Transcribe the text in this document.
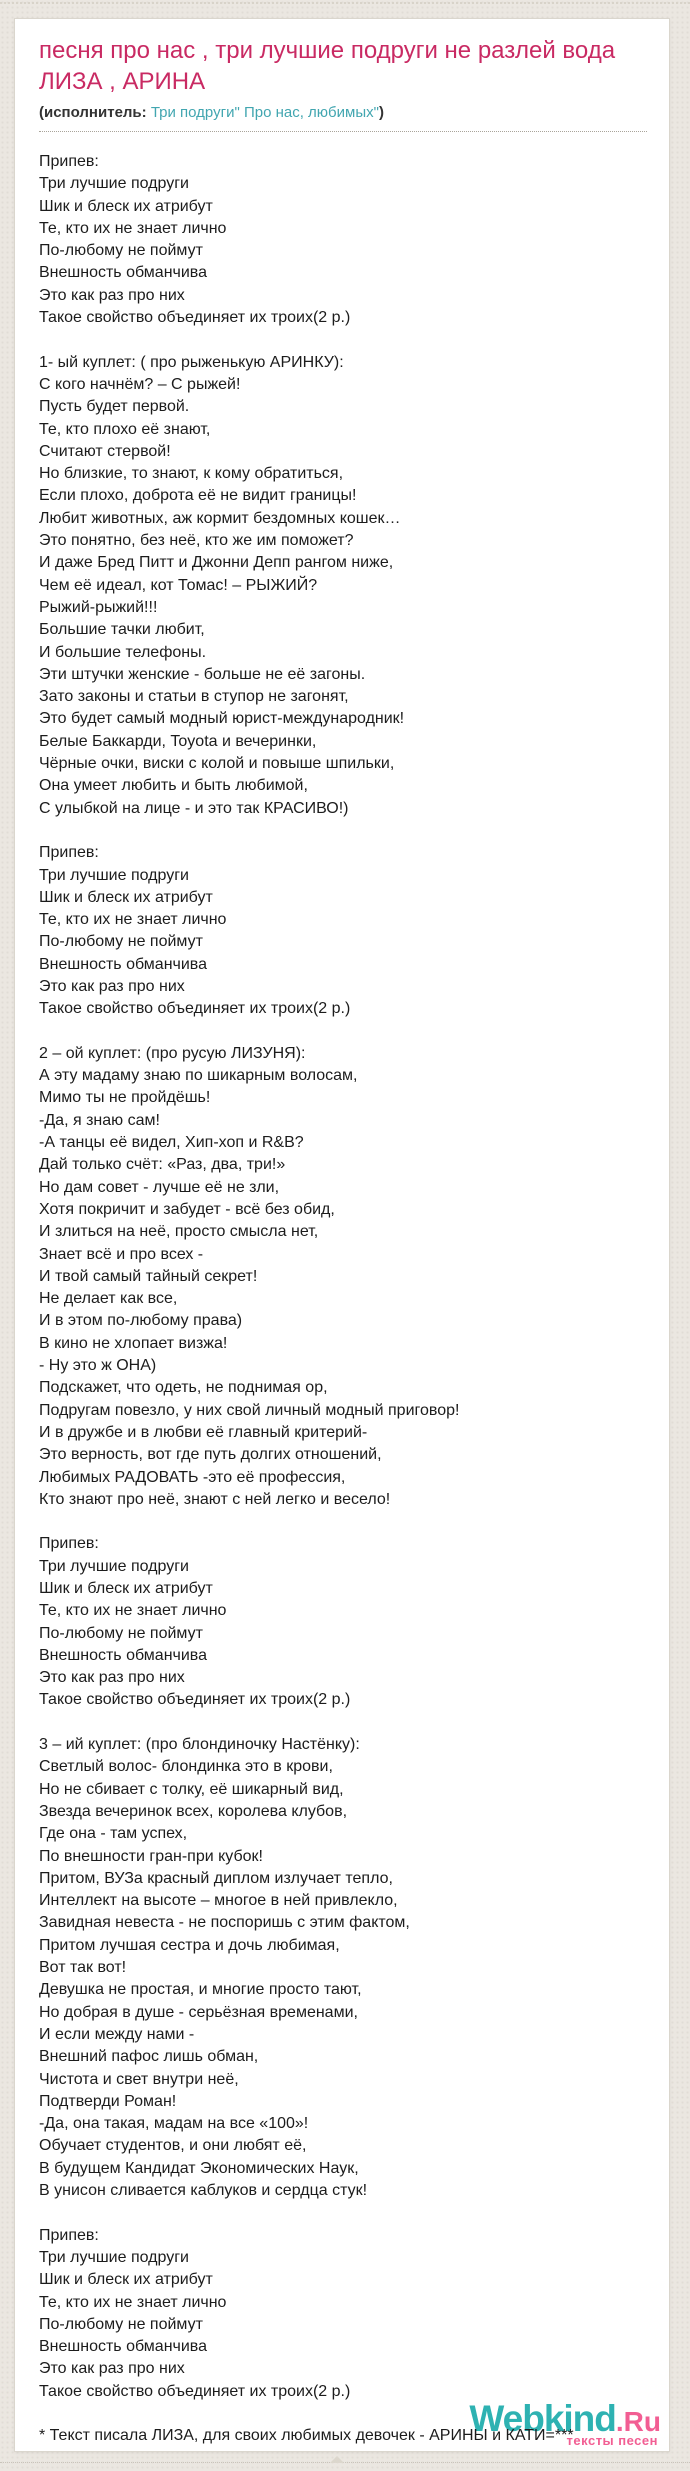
песня про нас , три лучшие подруги не разлей вода ЛИЗА , АРИНА
(исполнитель: Три подруги" Про нас, любимых")
Припев:
Три лучшие подруги
Шик и блеск их атрибут
Те, кто их не знает лично
По-любому не поймут
Внешность обманчива
Это как раз про них
Такое свойство объединяет их троих(2 р.)

1- ый куплет: ( про рыженькую АРИНКУ):
С кого начнём? – С рыжей!
Пусть будет первой.
Те, кто плохо её знают,
Считают стервой!
Но близкие, то знают, к кому обратиться,
Если плохо, доброта её не видит границы!
Любит животных, аж кормит бездомных кошек…
Это понятно, без неё, кто же им поможет?
И даже Бред Питт и Джонни Депп рангом ниже,
Чем её идеал, кот Томас! – РЫЖИЙ?
Рыжий-рыжий!!!
Большие тачки любит,
И большие телефоны.
Эти штучки женские - больше не её загоны.
Зато законы и статьи в ступор не загонят,
Это будет самый модный юрист-международник!
Белые Баккарди, Toyota и вечеринки,
Чёрные очки, виски с колой и повыше шпильки,
Она умеет любить и быть любимой,
С улыбкой на лице - и это так КРАСИВО!)

Припев:
Три лучшие подруги
Шик и блеск их атрибут
Те, кто их не знает лично
По-любому не поймут
Внешность обманчива
Это как раз про них
Такое свойство объединяет их троих(2 р.)

2 – ой куплет: (про русую ЛИЗУНЯ):
А эту мадаму знаю по шикарным волосам,
Мимо ты не пройдёшь!
-Да, я знаю сам!
-А танцы её видел, Хип-хоп и R&B?
Дай только счёт: «Раз, два, три!»
Но дам совет - лучше её не зли,
Хотя покричит и забудет - всё без обид,
И злиться на неё, просто смысла нет,
Знает всё и про всех -
И твой самый тайный секрет!
Не делает как все,
И в этом по-любому права)
В кино не хлопает визжа!
- Ну это ж ОНА)
Подскажет, что одеть, не поднимая ор,
Подругам повезло, у них свой личный модный приговор!
И в дружбе и в любви её главный критерий-
Это верность, вот где путь долгих отношений,
Любимых РАДОВАТЬ -это её профессия,
Кто знают про неё, знают с ней легко и весело!

Припев:
Три лучшие подруги
Шик и блеск их атрибут
Те, кто их не знает лично
По-любому не поймут
Внешность обманчива
Это как раз про них
Такое свойство объединяет их троих(2 р.)

3 – ий куплет: (про блондиночку Настёнку):
Светлый волос- блондинка это в крови,
Но не сбивает с толку, её шикарный вид,
Звезда вечеринок всех, королева клубов,
Где она - там успех,
По внешности гран-при кубок!
Притом, ВУЗа красный диплом излучает тепло,
Интеллект на высоте – многое в ней привлекло,
Завидная невеста - не поспоришь с этим фактом,
Притом лучшая сестра и дочь любимая,
Вот так вот!
Девушка не простая, и многие просто тают,
Но добрая в душе - серьёзная временами,
И если между нами -
Внешний пафос лишь обман,
Чистота и свет внутри неё,
Подтверди Роман!
-Да, она такая, мадам на все «100»!
Обучает студентов, и они любят её,
В будущем Кандидат Экономических Наук,
В унисон сливается каблуков и сердца стук!

Припев:
Три лучшие подруги
Шик и блеск их атрибут
Те, кто их не знает лично
По-любому не поймут
Внешность обманчива
Это как раз про них
Такое свойство объединяет их троих(2 р.)

* Текст писала ЛИЗА, для своих любимых девочек - АРИНЫ и КАТИ=***
Webkind.Ru
тексты песен
